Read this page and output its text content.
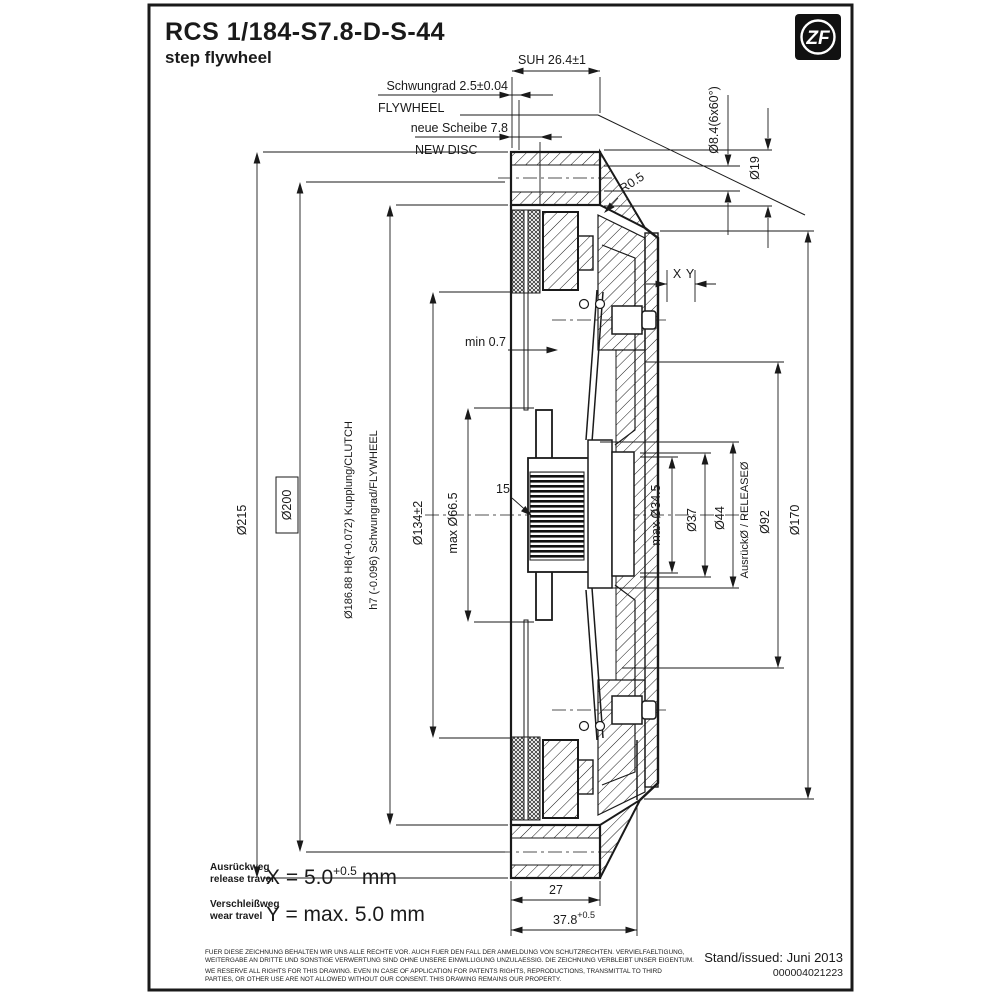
ZF
RCS 1/184-S7.8-D-S-44
step flywheel	SUH 26.4±1
Schwungrad 2.5±0.04
FLYWHEEL
neue Scheibe 7.8
NEW DISC
Ø215 Ø200	Ø186.88 H8(+0.072) Kupplung/CLUTCH h7 (-0.096) Schwungrad/FLYWHEEL Ø134±2 max Ø66.5
min 0.7
15
Ø8.4(6x60°)
Ø19
R0.5
X Y
max Ø34.5 Ø37 Ø44 AusrückØ / RELEASEØ Ø92 Ø170
27
$37.8^{+0.5}$
Ausrückweg
release travel
$X = 5.0^{+0.5}$ mm
Verschleißweg
wear travel Y = max. 5.0 mm
FUER DIESE ZEICHNUNG BEHALTEN WIR UNS ALLE RECHTE VOR. AUCH FUER DEN FALL DER ANMELDUNG VON SCHUTZRECHTEN. VERVIELFAELTIGUNG,
WEITERGABE AN DRITTE UND SONSTIGE VERWERTUNG SIND OHNE UNSERE EINWILLIGUNG UNZULAESSIG. DIE ZEICHNUNG VERBLEIBT UNSER EIGENTUM.
WE RESERVE ALL RIGHTS FOR THIS DRAWING. EVEN IN CASE OF APPLICATION FOR PATENTS RIGHTS, REPRODUCTIONS, TRANSMITTAL TO THIRD
PARTIES, OR OTHER USE ARE NOT ALLOWED WITHOUT OUR CONSENT. THIS DRAWING REMAINS OUR PROPERTY.
Stand/issued: Juni 2013
000004021223
